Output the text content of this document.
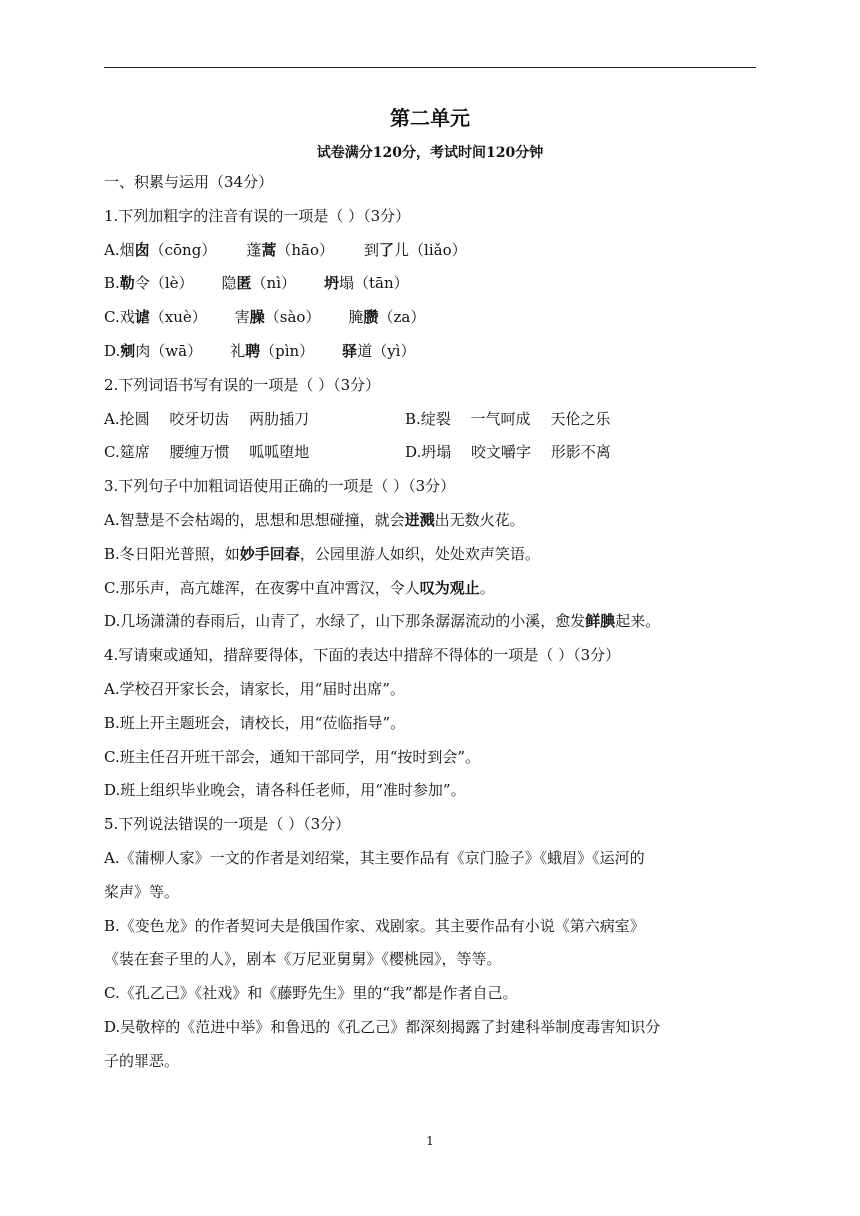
第二单元
试卷满分120分，考试时间120分钟
一、积累与运用（34分）
1.下列加粗字的注音有误的一项是（ ）（3分）
A.烟囱（cōng） 蓬蒿（hāo） 到了儿（liǎo）
B.勒令（lè） 隐匿（nì） 坍塌（tān）
C.戏谑（xuè） 害臊（sào） 腌臜（za）
D.剜肉（wā） 礼聘（pìn） 驿道（yì）
2.下列词语书写有误的一项是（ ）（3分）
A.抡圆　 咬牙切齿　 两肋插刀	B.绽裂　 一气呵成　 天伦之乐
C.筵席　 腰缠万惯　 呱呱堕地	D.坍塌　 咬文嚼字　 形影不离
3.下列句子中加粗词语使用正确的一项是（ ）（3分）
A.智慧是不会枯竭的，思想和思想碰撞，就会迸溅出无数火花。
B.冬日阳光普照，如妙手回春，公园里游人如织，处处欢声笑语。
C.那乐声，高亢雄浑，在夜雾中直冲霄汉，令人叹为观止。
D.几场潇潇的春雨后，山青了，水绿了，山下那条潺潺流动的小溪，愈发鲜腆起来。
4.写请柬或通知，措辞要得体，下面的表达中措辞不得体的一项是（ ）（3分）
A.学校召开家长会，请家长，用“届时出席”。
B.班上开主题班会，请校长，用“莅临指导”。
C.班主任召开班干部会，通知干部同学，用“按时到会”。
D.班上组织毕业晚会，请各科任老师，用“准时参加”。
5.下列说法错误的一项是（ ）（3分）
A.《蒲柳人家》一文的作者是刘绍棠，其主要作品有《京门脸子》《蛾眉》《运河的
桨声》等。
B.《变色龙》的作者契诃夫是俄国作家、戏剧家。其主要作品有小说《第六病室》
《装在套子里的人》，剧本《万尼亚舅舅》《樱桃园》，等等。
C.《孔乙己》《社戏》和《藤野先生》里的“我”都是作者自己。
D.吴敬梓的《范进中举》和鲁迅的《孔乙己》都深刻揭露了封建科举制度毒害知识分
子的罪恶。
1
